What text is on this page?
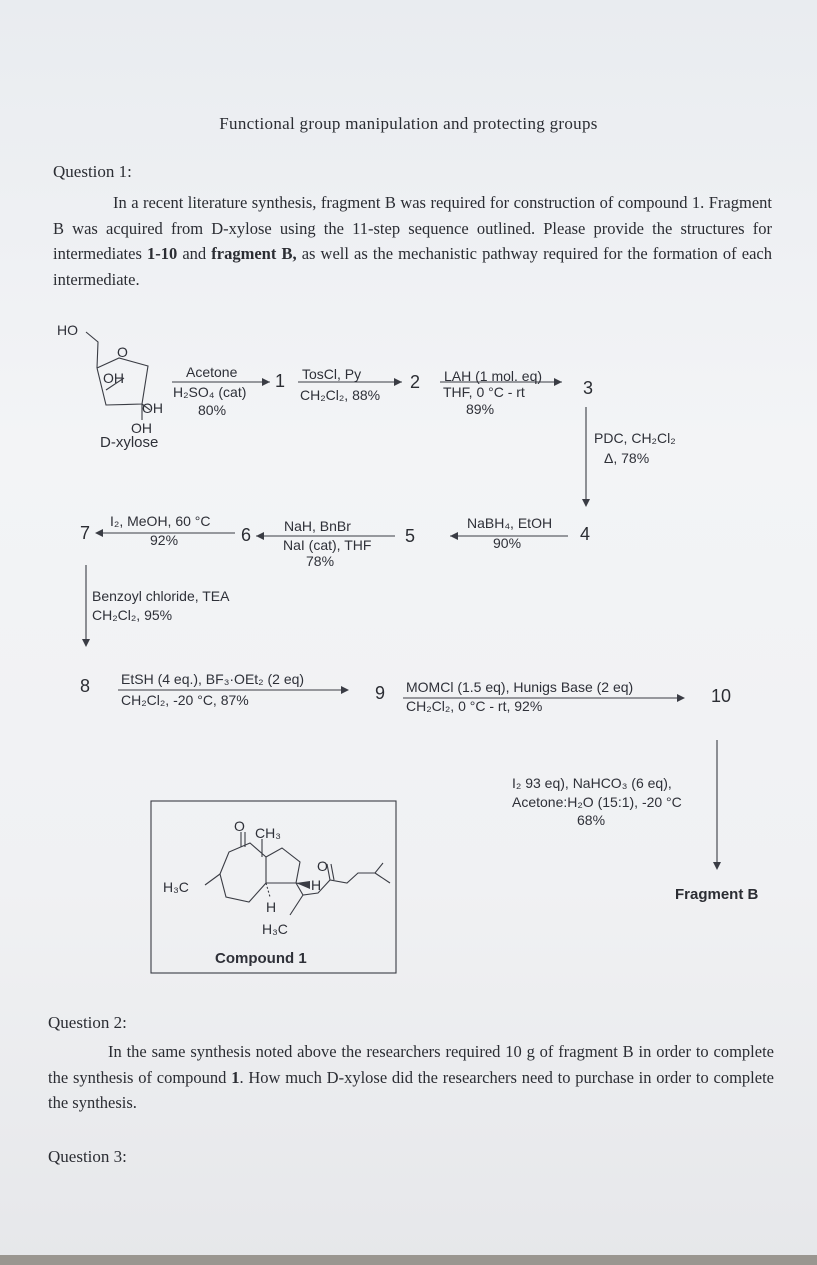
Functional group manipulation and protecting groups
Question 1:
In a recent literature synthesis, fragment B was required for construction of compound 1. Fragment B was acquired from D-xylose using the 11-step sequence outlined. Please provide the structures for intermediates 1-10 and fragment B, as well as the mechanistic pathway required for the formation of each intermediate.
HO
O
OH
OH
OH
D-xylose
Acetone
H₂SO₄ (cat)
80%
1 TosCl, Py
CH₂Cl₂, 88%
2 LAH (1 mol. eq)
THF, 0 °C - rt
89%
3
PDC, CH₂Cl₂
Δ, 78%
4
NaBH₄, EtOH
90%
5
NaH, BnBr
NaI (cat), THF
78%
6
I₂, MeOH, 60 °C
92%
7
Benzoyl chloride, TEA
CH₂Cl₂, 95%
8 EtSH (4 eq.), BF₃·OEt₂ (2 eq)
CH₂Cl₂, -20 °C, 87%	9 MOMCl (1.5 eq), Hunigs Base (2 eq)
CH₂Cl₂, 0 °C - rt, 92%	10
I₂ 93 eq), NaHCO₃ (6 eq),
Acetone:H₂O (15:1), -20 °C
68%
Fragment B
O CH₃
H₃C	H
H
H₃C
O
Compound 1
Question 2:
In the same synthesis noted above the researchers required 10 g of fragment B in order to complete the synthesis of compound 1. How much D-xylose did the researchers need to purchase in order to complete the synthesis.
Question 3:
